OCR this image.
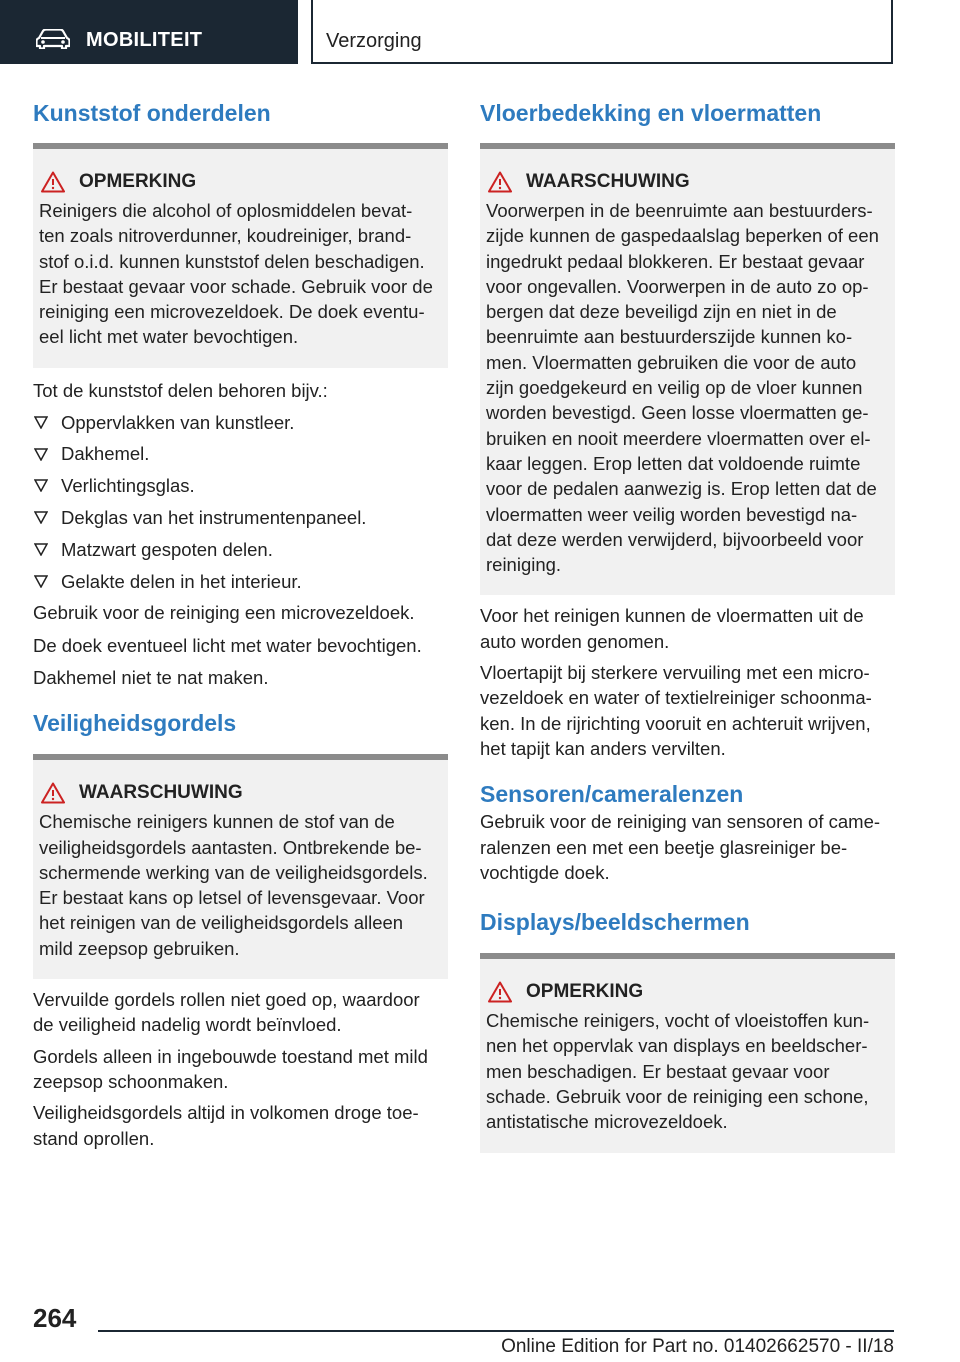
MOBILITEIT	Verzorging
Kunststof onderdelen
OPMERKING
Reinigers die alcohol of oplosmiddelen bevat‐
ten zoals nitroverdunner, koudreiniger, brand‐
stof o.i.d. kunnen kunststof delen beschadigen.
Er bestaat gevaar voor schade. Gebruik voor de
reiniging een microvezeldoek. De doek eventu‐
eel licht met water bevochtigen.

Tot de kunststof delen behoren bijv.:

Oppervlakken van kunstleer.
Dakhemel.
Verlichtingsglas.
Dekglas van het instrumentenpaneel.
Matzwart gespoten delen.
Gelakte delen in het interieur.

Gebruik voor de reiniging een microvezeldoek.

De doek eventueel licht met water bevochtigen.

Dakhemel niet te nat maken.

Veiligheidsgordels
WAARSCHUWING
Chemische reinigers kunnen de stof van de
veiligheidsgordels aantasten. Ontbrekende be‐
schermende werking van de veiligheidsgordels.
Er bestaat kans op letsel of levensgevaar. Voor
het reinigen van de veiligheidsgordels alleen
mild zeepsop gebruiken.

Vervuilde gordels rollen niet goed op, waardoor
de veiligheid nadelig wordt beïnvloed.

Gordels alleen in ingebouwde toestand met mild
zeepsop schoonmaken.

Veiligheidsgordels altijd in volkomen droge toe‐
stand oprollen.

Vloerbedekking en vloermatten
WAARSCHUWING
Voorwerpen in de beenruimte aan bestuurders‐
zijde kunnen de gaspedaalslag beperken of een
ingedrukt pedaal blokkeren. Er bestaat gevaar
voor ongevallen. Voorwerpen in de auto zo op‐
bergen dat deze beveiligd zijn en niet in de
beenruimte aan bestuurderszijde kunnen ko‐
men. Vloermatten gebruiken die voor de auto
zijn goedgekeurd en veilig op de vloer kunnen
worden bevestigd. Geen losse vloermatten ge‐
bruiken en nooit meerdere vloermatten over el‐
kaar leggen. Erop letten dat voldoende ruimte
voor de pedalen aanwezig is. Erop letten dat de
vloermatten weer veilig worden bevestigd na‐
dat deze werden verwijderd, bijvoorbeeld voor
reiniging.

Voor het reinigen kunnen de vloermatten uit de
auto worden genomen.

Vloertapijt bij sterkere vervuiling met een micro‐
vezeldoek en water of textielreiniger schoonma‐
ken. In de rijrichting vooruit en achteruit wrijven,
het tapijt kan anders vervilten.

Sensoren/cameralenzen

Gebruik voor de reiniging van sensoren of came‐
ralenzen een met een beetje glasreiniger be‐
vochtigde doek.

Displays/beeldschermen
OPMERKING
Chemische reinigers, vocht of vloeistoffen kun‐
nen het oppervlak van displays en beeldscher‐
men beschadigen. Er bestaat gevaar voor
schade. Gebruik voor de reiniging een schone,
antistatische microvezeldoek.
264
Online Edition for Part no. 01402662570 - II/18
